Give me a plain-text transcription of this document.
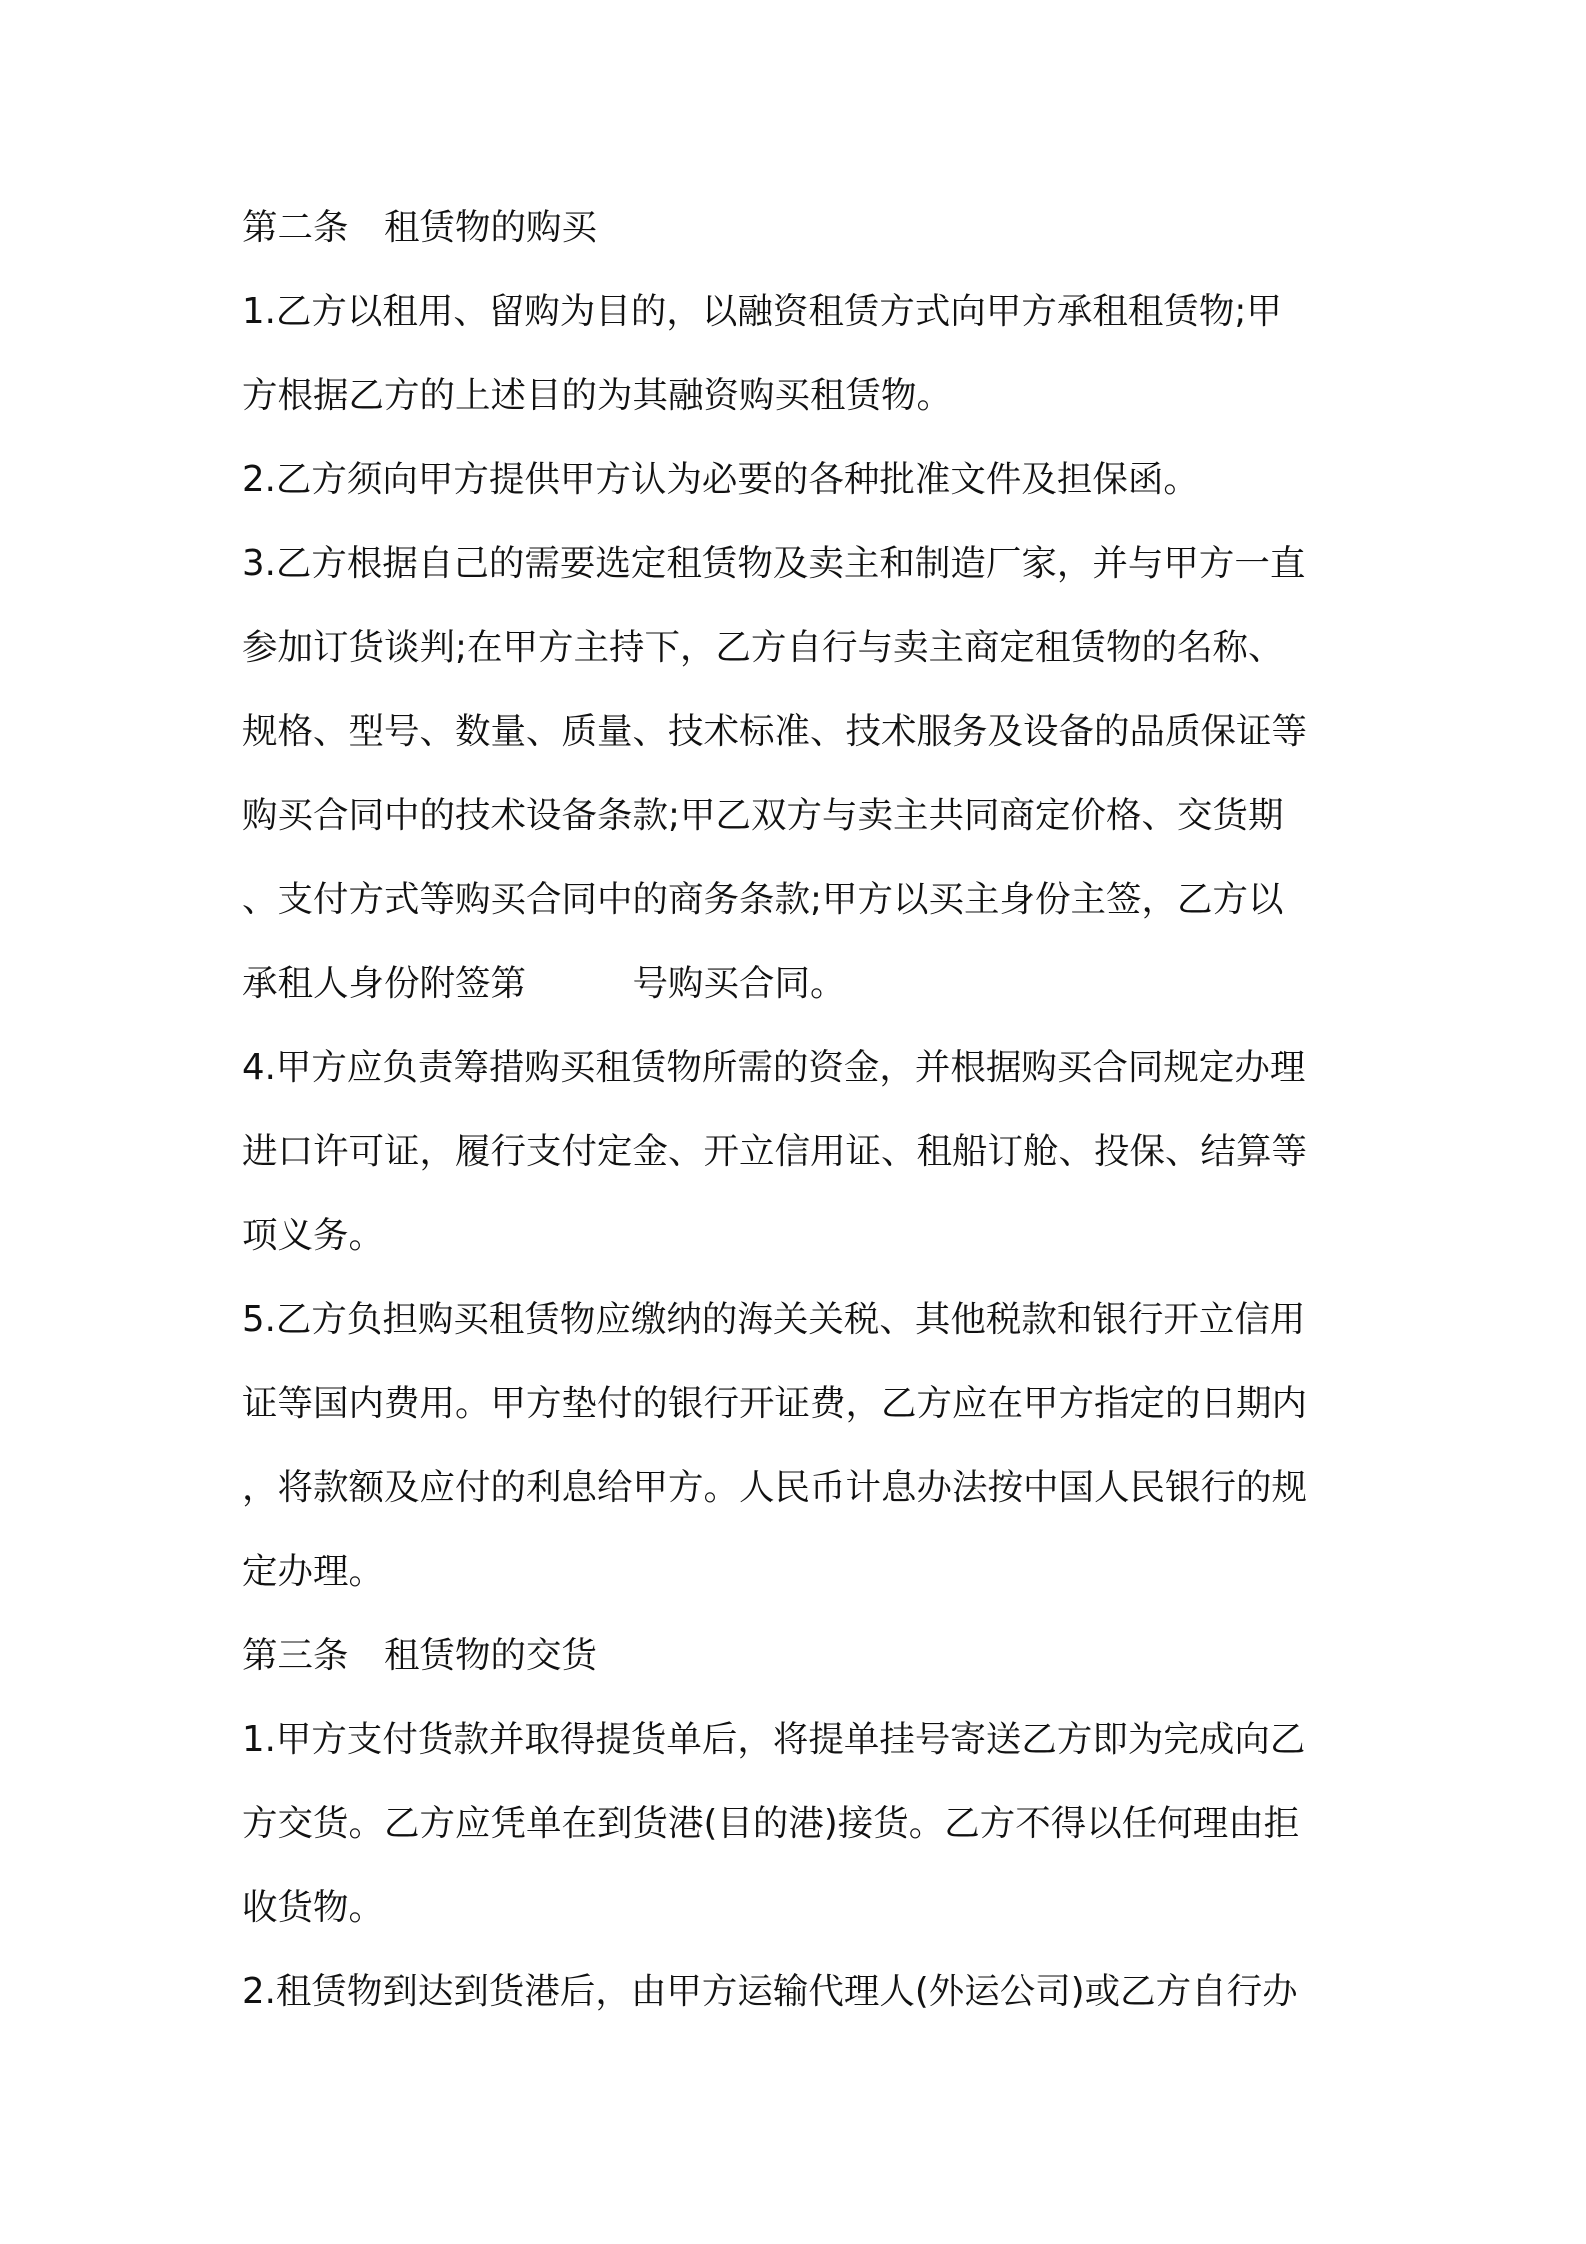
第二条　租赁物的购买
1.乙方以租用、留购为目的，以融资租赁方式向甲方承租租赁物;甲
方根据乙方的上述目的为其融资购买租赁物。
2.乙方须向甲方提供甲方认为必要的各种批准文件及担保函。
3.乙方根据自己的需要选定租赁物及卖主和制造厂家，并与甲方一直
参加订货谈判;在甲方主持下，乙方自行与卖主商定租赁物的名称、
规格、型号、数量、质量、技术标准、技术服务及设备的品质保证等
购买合同中的技术设备条款;甲乙双方与卖主共同商定价格、交货期
、支付方式等购买合同中的商务条款;甲方以买主身份主签，乙方以
承租人身份附签第　　　号购买合同。
4.甲方应负责筹措购买租赁物所需的资金，并根据购买合同规定办理
进口许可证，履行支付定金、开立信用证、租船订舱、投保、结算等
项义务。
5.乙方负担购买租赁物应缴纳的海关关税、其他税款和银行开立信用
证等国内费用。甲方垫付的银行开证费，乙方应在甲方指定的日期内
，将款额及应付的利息给甲方。人民币计息办法按中国人民银行的规
定办理。
第三条　租赁物的交货
1.甲方支付货款并取得提货单后，将提单挂号寄送乙方即为完成向乙
方交货。乙方应凭单在到货港(目的港)接货。乙方不得以任何理由拒
收货物。
2.租赁物到达到货港后，由甲方运输代理人(外运公司)或乙方自行办
